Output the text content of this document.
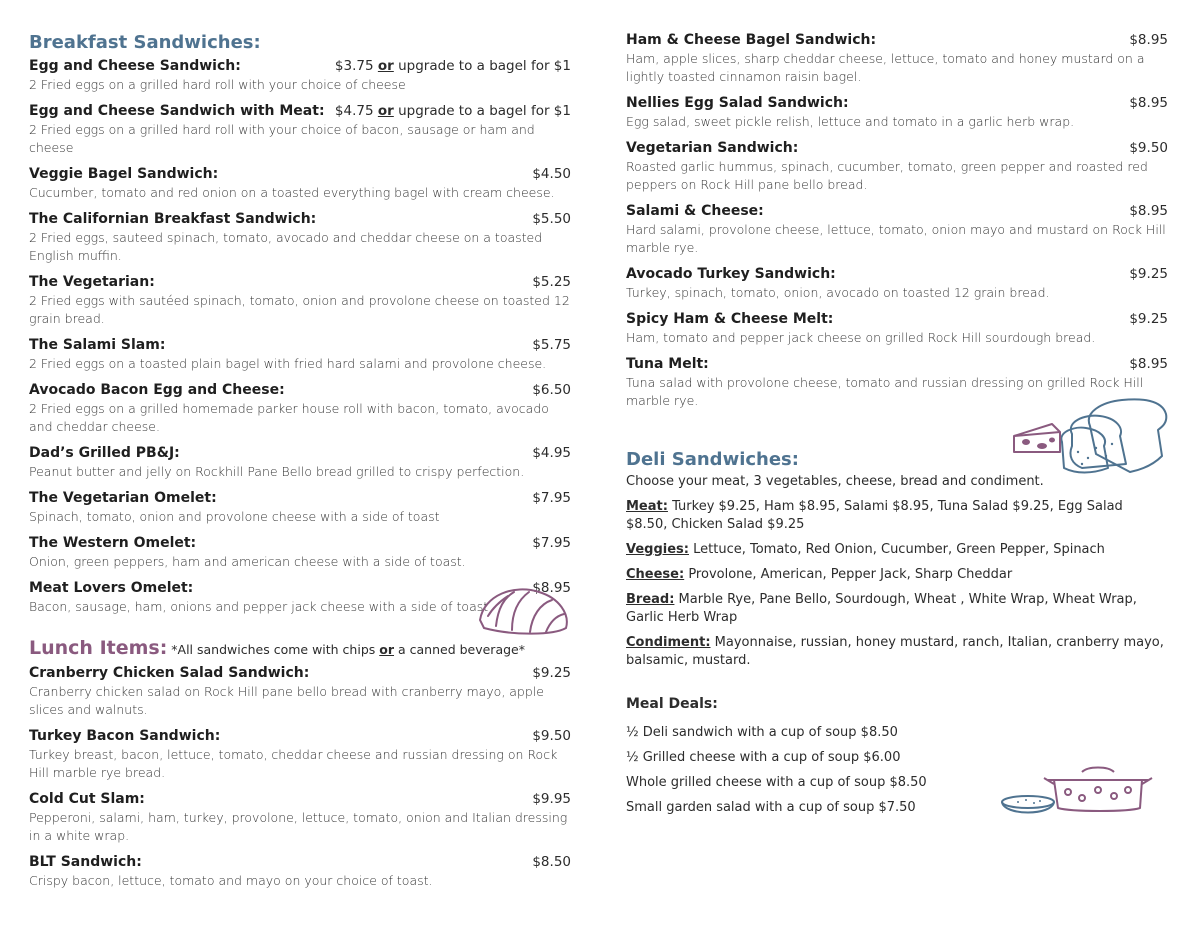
Breakfast Sandwiches:
Egg and Cheese Sandwich:	$3.75 or upgrade to a bagel for $1
2 Fried eggs on a grilled hard roll with your choice of cheese
Egg and Cheese Sandwich with Meat: $4.75 or upgrade to a bagel for $1
2 Fried eggs on a grilled hard roll with your choice of bacon, sausage or ham and cheese
Veggie Bagel Sandwich:	$4.50
Cucumber, tomato and red onion on a toasted everything bagel with cream cheese.
The Californian Breakfast Sandwich:	$5.50
2 Fried eggs, sauteed spinach, tomato, avocado and cheddar cheese on a toasted English muffin.
The Vegetarian:	$5.25
2 Fried eggs with sautéed spinach, tomato, onion and provolone cheese on toasted 12 grain bread.
The Salami Slam:	$5.75
2 Fried eggs on a toasted plain bagel with fried hard salami and provolone cheese.
Avocado Bacon Egg and Cheese:	$6.50
2 Fried eggs on a grilled homemade parker house roll with bacon, tomato, avocado and cheddar cheese.
Dad’s Grilled PB&J:	$4.95
Peanut butter and jelly on Rockhill Pane Bello bread grilled to crispy perfection.
The Vegetarian Omelet:	$7.95
Spinach, tomato, onion and provolone cheese with a side of toast
The Western Omelet:	$7.95
Onion, green peppers, ham and american cheese with a side of toast.
Meat Lovers Omelet:	$8.95
Bacon, sausage, ham, onions and pepper jack cheese with a side of toast
Lunch Items: *All sandwiches come with chips or a canned beverage*
Cranberry Chicken Salad Sandwich:	$9.25
Cranberry chicken salad on Rock Hill pane bello bread with cranberry mayo, apple slices and walnuts.
Turkey Bacon Sandwich:	$9.50
Turkey breast, bacon, lettuce, tomato, cheddar cheese and russian dressing on Rock Hill marble rye bread.
Cold Cut Slam:	$9.95
Pepperoni, salami, ham, turkey, provolone, lettuce, tomato, onion and Italian dressing in a white wrap.
BLT Sandwich:	$8.50
Crispy bacon, lettuce, tomato and mayo on your choice of toast.
Ham & Cheese Bagel Sandwich:	$8.95
Ham, apple slices, sharp cheddar cheese, lettuce, tomato and honey mustard on a lightly toasted cinnamon raisin bagel.
Nellies Egg Salad Sandwich:	$8.95
Egg salad, sweet pickle relish, lettuce and tomato in a garlic herb wrap.
Vegetarian Sandwich:	$9.50
Roasted garlic hummus, spinach, cucumber, tomato, green pepper and roasted red peppers on Rock Hill pane bello bread.
Salami & Cheese:	$8.95
Hard salami, provolone cheese, lettuce, tomato, onion mayo and mustard on Rock Hill marble rye.
Avocado Turkey Sandwich:	$9.25
Turkey, spinach, tomato, onion, avocado on toasted 12 grain bread.
Spicy Ham & Cheese Melt:	$9.25
Ham, tomato and pepper jack cheese on grilled Rock Hill sourdough bread.
Tuna Melt:	$8.95
Tuna salad with provolone cheese, tomato and russian dressing on grilled Rock Hill marble rye.
Deli Sandwiches:
Choose your meat, 3 vegetables, cheese, bread and condiment.
Meat: Turkey $9.25, Ham $8.95, Salami $8.95, Tuna Salad $9.25, Egg Salad $8.50, Chicken Salad $9.25
Veggies: Lettuce, Tomato, Red Onion, Cucumber, Green Pepper, Spinach
Cheese: Provolone, American, Pepper Jack, Sharp Cheddar
Bread: Marble Rye, Pane Bello, Sourdough, Wheat , White Wrap, Wheat Wrap, Garlic Herb Wrap
Condiment: Mayonnaise, russian, honey mustard, ranch, Italian, cranberry mayo, balsamic, mustard.
Meal Deals:
½ Deli sandwich with a cup of soup $8.50
½ Grilled cheese with a cup of soup $6.00
Whole grilled cheese with a cup of soup $8.50
Small garden salad with a cup of soup $7.50
